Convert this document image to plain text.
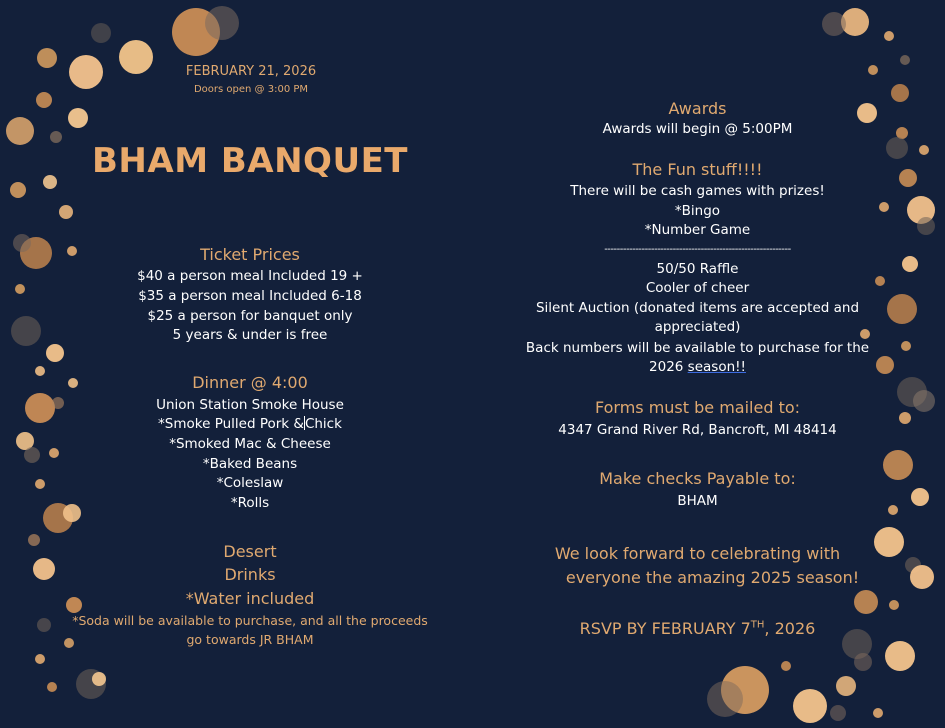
FEBRUARY 21, 2026
Doors open @ 3:00 PM
BHAM BANQUET
Ticket Prices
$40 a person meal Included 19 +
$35 a person meal Included 6-18
$25 a person for banquet only
5 years & under is free
Dinner @ 4:00
Union Station Smoke House
*Smoke Pulled Pork &Chick
*Smoked Mac & Cheese
*Baked Beans
*Coleslaw
*Rolls
Desert
Drinks
*Water included
*Soda will be available to purchase, and all the proceeds
go towards JR BHAM
Awards
Awards will begin @ 5:00PM
The Fun stuff!!!!
There will be cash games with prizes!
*Bingo
*Number Game
------------------------------------------------------------
50/50 Raffle
Cooler of cheer
Silent Auction (donated items are accepted and
appreciated)
Back numbers will be available to purchase for the
2026 season!!
Forms must be mailed to:
4347 Grand River Rd, Bancroft, MI 48414
Make checks Payable to:
BHAM
We look forward to celebrating with
everyone the amazing 2025 season!
RSVP BY FEBRUARY 7TH, 2026
